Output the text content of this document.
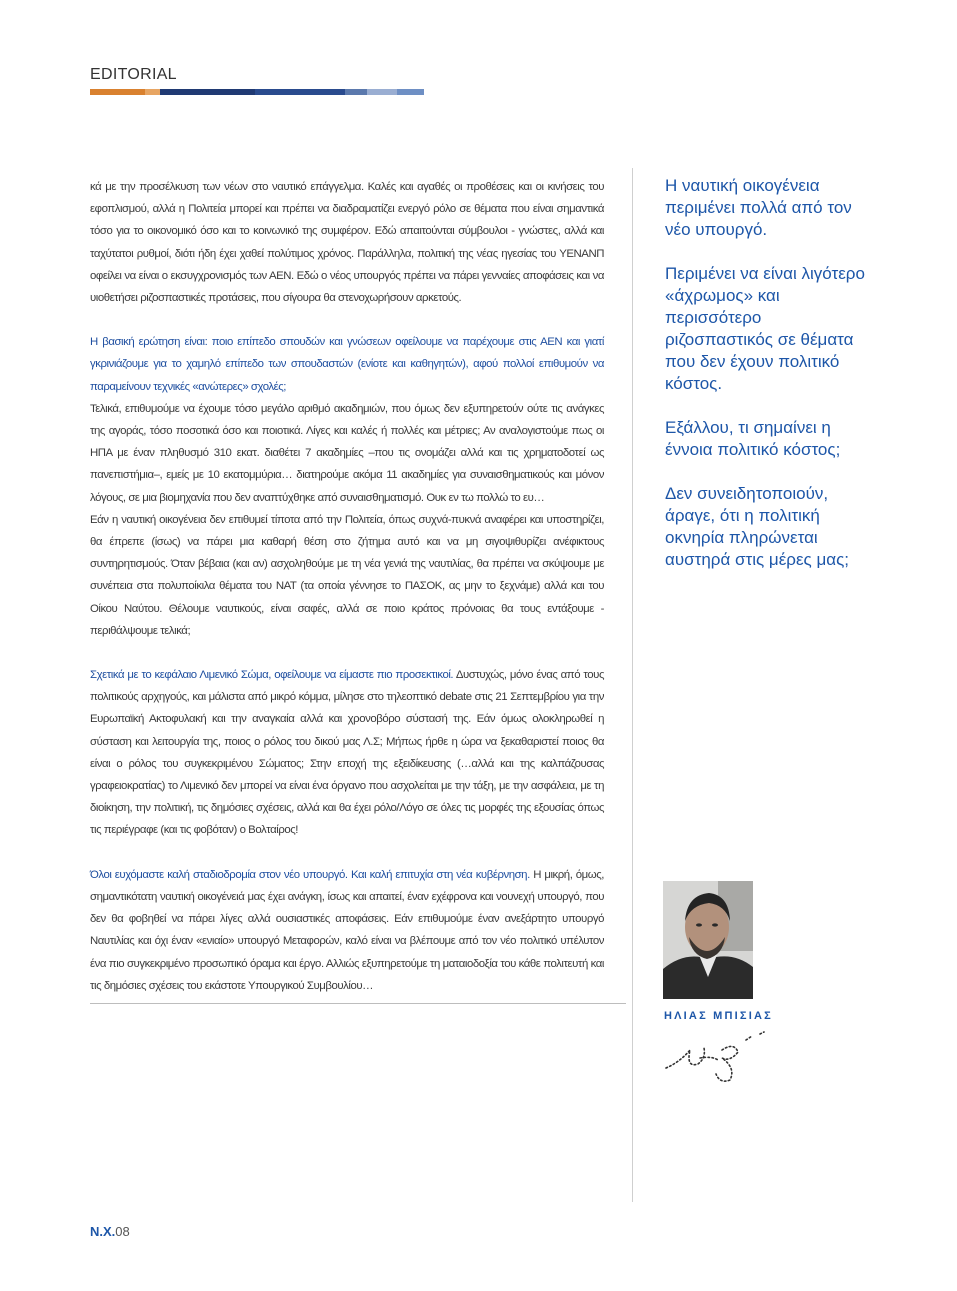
EDITORIAL

κά με την προσέλκυση των νέων στο ναυτικό επάγγελμα. Καλές και αγαθές οι προθέσεις και οι κινήσεις του εφοπλισμού, αλλά η Πολιτεία μπορεί και πρέπει να διαδραματίζει ενεργό ρόλο σε θέματα που είναι σημαντικά τόσο για το οικονομικό όσο και το κοινωνικό της συμφέρον. Εδώ απαιτούνται σύμβουλοι - γνώστες, αλλά και ταχύτατοι ρυθμοί, διότι ήδη έχει χαθεί πολύτιμος χρόνος. Παράλληλα, πολιτική της νέας ηγεσίας του ΥΕΝΑΝΠ οφείλει να είναι ο εκσυγχρονισμός των ΑΕΝ. Εδώ ο νέος υπουργός πρέπει να πάρει γενναίες αποφάσεις και να υιοθετήσει ριζοσπαστικές προτάσεις, που σίγουρα θα στενοχωρήσουν αρκετούς.

Η βασική ερώτηση είναι: ποιο επίπεδο σπουδών και γνώσεων οφείλουμε να παρέχουμε στις ΑΕΝ και γιατί γκρινιάζουμε για το χαμηλό επίπεδο των σπουδαστών (ενίοτε και καθηγητών), αφού πολλοί επιθυμούν να παραμείνουν τεχνικές «ανώτερες» σχολές;

Τελικά, επιθυμούμε να έχουμε τόσο μεγάλο αριθμό ακαδημιών, που όμως δεν εξυπηρετούν ούτε τις ανάγκες της αγοράς, τόσο ποσοτικά όσο και ποιοτικά. Λίγες και καλές ή πολλές και μέτριες; Αν αναλογιστούμε πως οι ΗΠΑ με έναν πληθυσμό 310 εκατ. διαθέτει 7 ακαδημίες –που τις ονομάζει αλλά και τις χρηματοδοτεί ως πανεπιστήμια–, εμείς με 10 εκατομμύρια… διατηρούμε ακόμα 11 ακαδημίες για συναισθηματικούς και μόνον λόγους, σε μια βιομηχανία που δεν αναπτύχθηκε από συναισθηματισμό. Ουκ εν τω πολλώ το ευ…

Εάν η ναυτική οικογένεια δεν επιθυμεί τίποτα από την Πολιτεία, όπως συχνά-πυκνά αναφέρει και υποστηρίζει, θα έπρεπε (ίσως) να πάρει μια καθαρή θέση στο ζήτημα αυτό και να μη σιγοψιθυρίζει ανέφικτους συντηρητισμούς. Όταν βέβαια (και αν) ασχοληθούμε με τη νέα γενιά της ναυτιλίας, θα πρέπει να σκύψουμε με συνέπεια στα πολυποίκιλα θέματα του ΝΑΤ (τα οποία γέννησε το ΠΑΣΟΚ, ας μην το ξεχνάμε) αλλά και του Οίκου Ναύτου. Θέλουμε ναυτικούς, είναι σαφές, αλλά σε ποιο κράτος πρόνοιας θα τους εντάξουμε - περιθάλψουμε τελικά;

Σχετικά με το κεφάλαιο Λιμενικό Σώμα, οφείλουμε να είμαστε πιο προσεκτικοί. Δυστυχώς, μόνο ένας από τους πολιτικούς αρχηγούς, και μάλιστα από μικρό κόμμα, μίλησε στο τηλεοπτικό debate στις 21 Σεπτεμβρίου για την Ευρωπαϊκή Ακτοφυλακή και την αναγκαία αλλά και χρονοβόρο σύστασή της. Εάν όμως ολοκληρωθεί η σύσταση και λειτουργία της, ποιος ο ρόλος του δικού μας Λ.Σ; Μήπως ήρθε η ώρα να ξεκαθαριστεί ποιος θα είναι ο ρόλος του συγκεκριμένου Σώματος; Στην εποχή της εξειδίκευσης (…αλλά και της καλπάζουσας γραφειοκρατίας) το Λιμενικό δεν μπορεί να είναι ένα όργανο που ασχολείται με την τάξη, με την ασφάλεια, με τη διοίκηση, την πολιτική, τις δημόσιες σχέσεις, αλλά και θα έχει ρόλο/Λόγο σε όλες τις μορφές της εξουσίας όπως τις περιέγραφε (και τις φοβόταν) ο Βολταίρος!

Όλοι ευχόμαστε καλή σταδιοδρομία στον νέο υπουργό. Και καλή επιτυχία στη νέα κυβέρνηση. Η μικρή, όμως, σημαντικότατη ναυτική οικογένειά μας έχει ανάγκη, ίσως και απαιτεί, έναν εχέφρονα και νουνεχή υπουργό, που δεν θα φοβηθεί να πάρει λίγες αλλά ουσιαστικές αποφάσεις. Εάν επιθυμούμε έναν ανεξάρτητο υπουργό Ναυτιλίας και όχι έναν «ενιαίο» υπουργό Μεταφορών, καλό είναι να βλέπουμε από τον νέο πολιτικό υπέλυτον ένα πιο συγκεκριμένο προσωπικό όραμα και έργο. Αλλιώς εξυπηρετούμε τη ματαιοδοξία του κάθε πολιτευτή και τις δημόσιες σχέσεις του εκάστοτε Υπουργικού Συμβουλίου…

Η ναυτική οικογένεια περιμένει πολλά από τον νέο υπουργό.

Περιμένει να είναι λιγότερο «άχρωμος» και περισσότερο ριζοσπαστικός σε θέματα που δεν έχουν πολιτικό κόστος.

Εξάλλου, τι σημαίνει η έννοια πολιτικό κόστος;

Δεν συνειδητοποιούν, άραγε, ότι η πολιτική οκνηρία πληρώνεται αυστηρά στις μέρες μας;

ΗΛΙΑΣ ΜΠΙΣΙΑΣ
Ν.Χ.08
